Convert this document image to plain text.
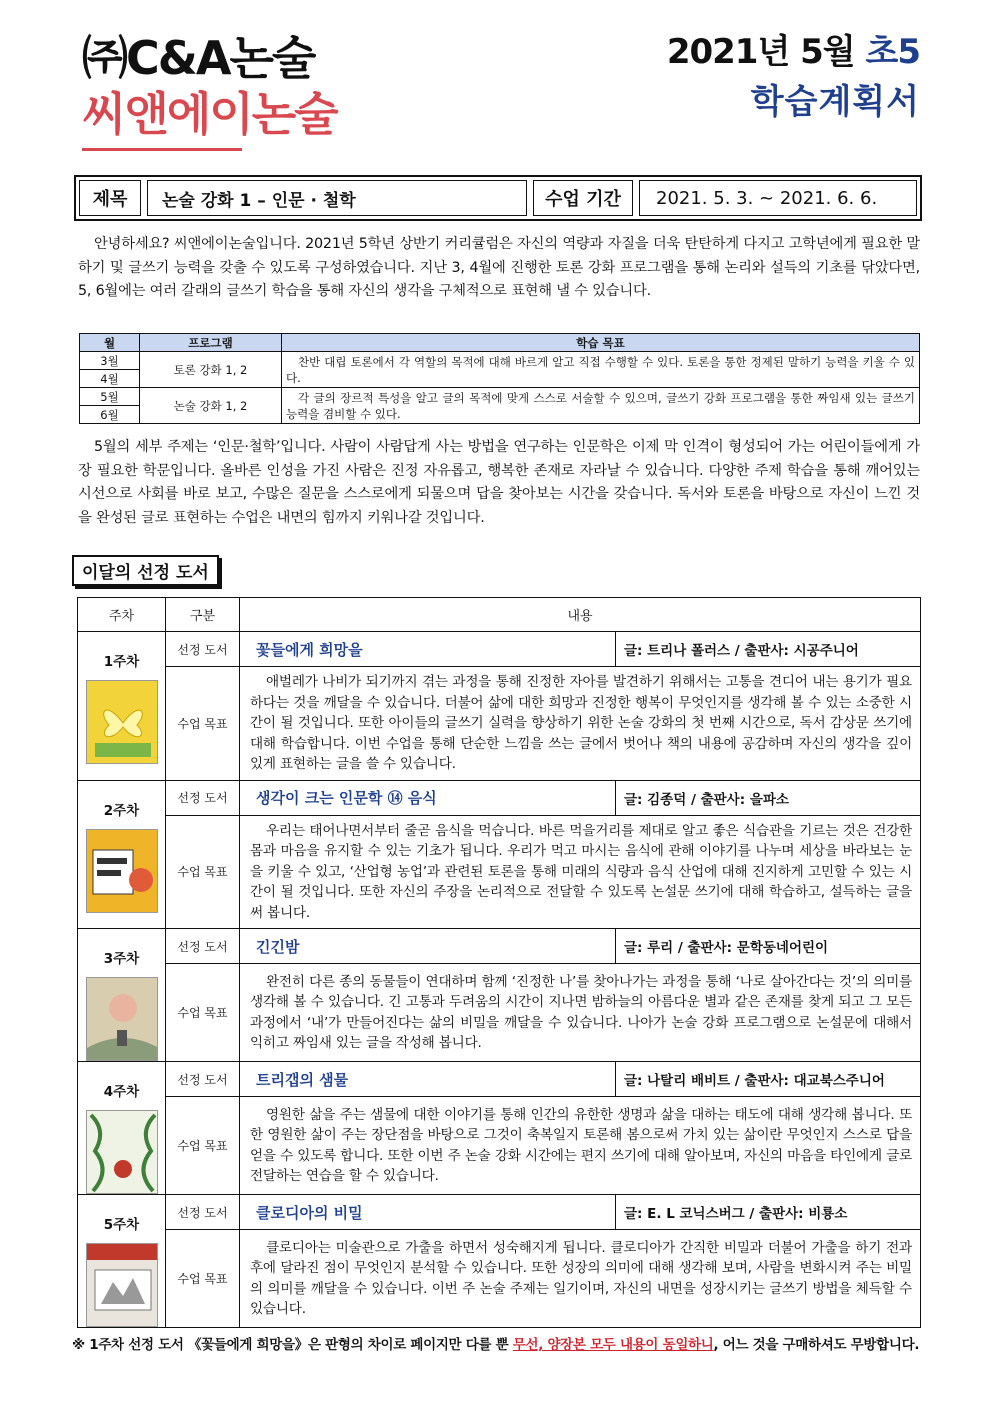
㈜C&A논술
씨앤에이논술
2021년 5월 초5
학습계획서
제목	논술 강화 1 – 인문 · 철학	수업 기간	2021. 5. 3. ~ 2021. 6. 6.

안녕하세요? 씨앤에이논술입니다. 2021년 5학년 상반기 커리큘럼은 자신의 역량과 자질을 더욱 탄탄하게 다지고 고학년에게 필요한 말하기 및 글쓰기 능력을 갖출 수 있도록 구성하였습니다. 지난 3, 4월에 진행한 토론 강화 프로그램을 통해 논리와 설득의 기초를 닦았다면, 5, 6월에는 여러 갈래의 글쓰기 학습을 통해 자신의 생각을 구체적으로 표현해 낼 수 있습니다.

월	프로그램	학습 목표
3월	토론 강화 1, 2	찬반 대립 토론에서 각 역할의 목적에 대해 바르게 알고 직접 수행할 수 있다. 토론을 통한 정제된 말하기 능력을 키울 수 있다.
4월		
5월	논술 강화 1, 2	각 글의 장르적 특성을 알고 글의 목적에 맞게 스스로 서술할 수 있으며, 글쓰기 강화 프로그램을 통한 짜임새 있는 글쓰기 능력을 겸비할 수 있다.
6월		

5월의 세부 주제는 ‘인문·철학’입니다. 사람이 사람답게 사는 방법을 연구하는 인문학은 이제 막 인격이 형성되어 가는 어린이들에게 가장 필요한 학문입니다. 올바른 인성을 가진 사람은 진정 자유롭고, 행복한 존재로 자라날 수 있습니다. 다양한 주제 학습을 통해 깨어있는 시선으로 사회를 바로 보고, 수많은 질문을 스스로에게 되물으며 답을 찾아보는 시간을 갖습니다. 독서와 토론을 바탕으로 자신이 느낀 것을 완성된 글로 표현하는 수업은 내면의 힘까지 키워나갈 것입니다.

이달의 선정 도서
주차	구분	내용	

1주차	선정 도서	꽃들에게 희망을	글: 트리나 폴러스 / 출판사: 시공주니어
	수업 목표	애벌레가 나비가 되기까지 겪는 과정을 통해 진정한 자아를 발견하기 위해서는 고통을 견디어 내는 용기가 필요하다는 것을 깨달을 수 있습니다. 더불어 삶에 대한 희망과 진정한 행복이 무엇인지를 생각해 볼 수 있는 소중한 시간이 될 것입니다. 또한 아이들의 글쓰기 실력을 향상하기 위한 논술 강화의 첫 번째 시간으로, 독서 감상문 쓰기에 대해 학습합니다. 이번 수업을 통해 단순한 느낌을 쓰는 글에서 벗어나 책의 내용에 공감하며 자신의 생각을 깊이 있게 표현하는 글을 쓸 수 있습니다.	

2주차	선정 도서	생각이 크는 인문학 ⑭ 음식	글: 김종덕 / 출판사: 을파소
	수업 목표	우리는 태어나면서부터 줄곧 음식을 먹습니다. 바른 먹을거리를 제대로 알고 좋은 식습관을 기르는 것은 건강한 몸과 마음을 유지할 수 있는 기초가 됩니다. 우리가 먹고 마시는 음식에 관해 이야기를 나누며 세상을 바라보는 눈을 키울 수 있고, ‘산업형 농업’과 관련된 토론을 통해 미래의 식량과 음식 산업에 대해 진지하게 고민할 수 있는 시간이 될 것입니다. 또한 자신의 주장을 논리적으로 전달할 수 있도록 논설문 쓰기에 대해 학습하고, 설득하는 글을 써 봅니다.	

3주차	선정 도서	긴긴밤	글: 루리 / 출판사: 문학동네어린이
	수업 목표	완전히 다른 종의 동물들이 연대하며 함께 ‘진정한 나’를 찾아나가는 과정을 통해 ‘나로 살아간다는 것’의 의미를 생각해 볼 수 있습니다. 긴 고통과 두려움의 시간이 지나면 밤하늘의 아름다운 별과 같은 존재를 찾게 되고 그 모든 과정에서 ‘내’가 만들어진다는 삶의 비밀을 깨달을 수 있습니다. 나아가 논술 강화 프로그램으로 논설문에 대해서 익히고 짜임새 있는 글을 작성해 봅니다.	

4주차	선정 도서	트리갭의 샘물	글: 나탈리 배비트 / 출판사: 대교북스주니어
	수업 목표	영원한 삶을 주는 샘물에 대한 이야기를 통해 인간의 유한한 생명과 삶을 대하는 태도에 대해 생각해 봅니다. 또한 영원한 삶이 주는 장단점을 바탕으로 그것이 축복일지 토론해 봄으로써 가치 있는 삶이란 무엇인지 스스로 답을 얻을 수 있도록 합니다. 또한 이번 주 논술 강화 시간에는 편지 쓰기에 대해 알아보며, 자신의 마음을 타인에게 글로 전달하는 연습을 할 수 있습니다.	

5주차	선정 도서	클로디아의 비밀	글: E. L 코닉스버그 / 출판사: 비룡소
	수업 목표	클로디아는 미술관으로 가출을 하면서 성숙해지게 됩니다. 클로디아가 간직한 비밀과 더불어 가출을 하기 전과 후에 달라진 점이 무엇인지 분석할 수 있습니다. 또한 성장의 의미에 대해 생각해 보며, 사람을 변화시켜 주는 비밀의 의미를 깨달을 수 있습니다. 이번 주 논술 주제는 일기이며, 자신의 내면을 성장시키는 글쓰기 방법을 체득할 수 있습니다.	

※ 1주차 선정 도서 《꽃들에게 희망을》은 판형의 차이로 페이지만 다를 뿐 무선, 양장본 모두 내용이 동일하니, 어느 것을 구매하셔도 무방합니다.
